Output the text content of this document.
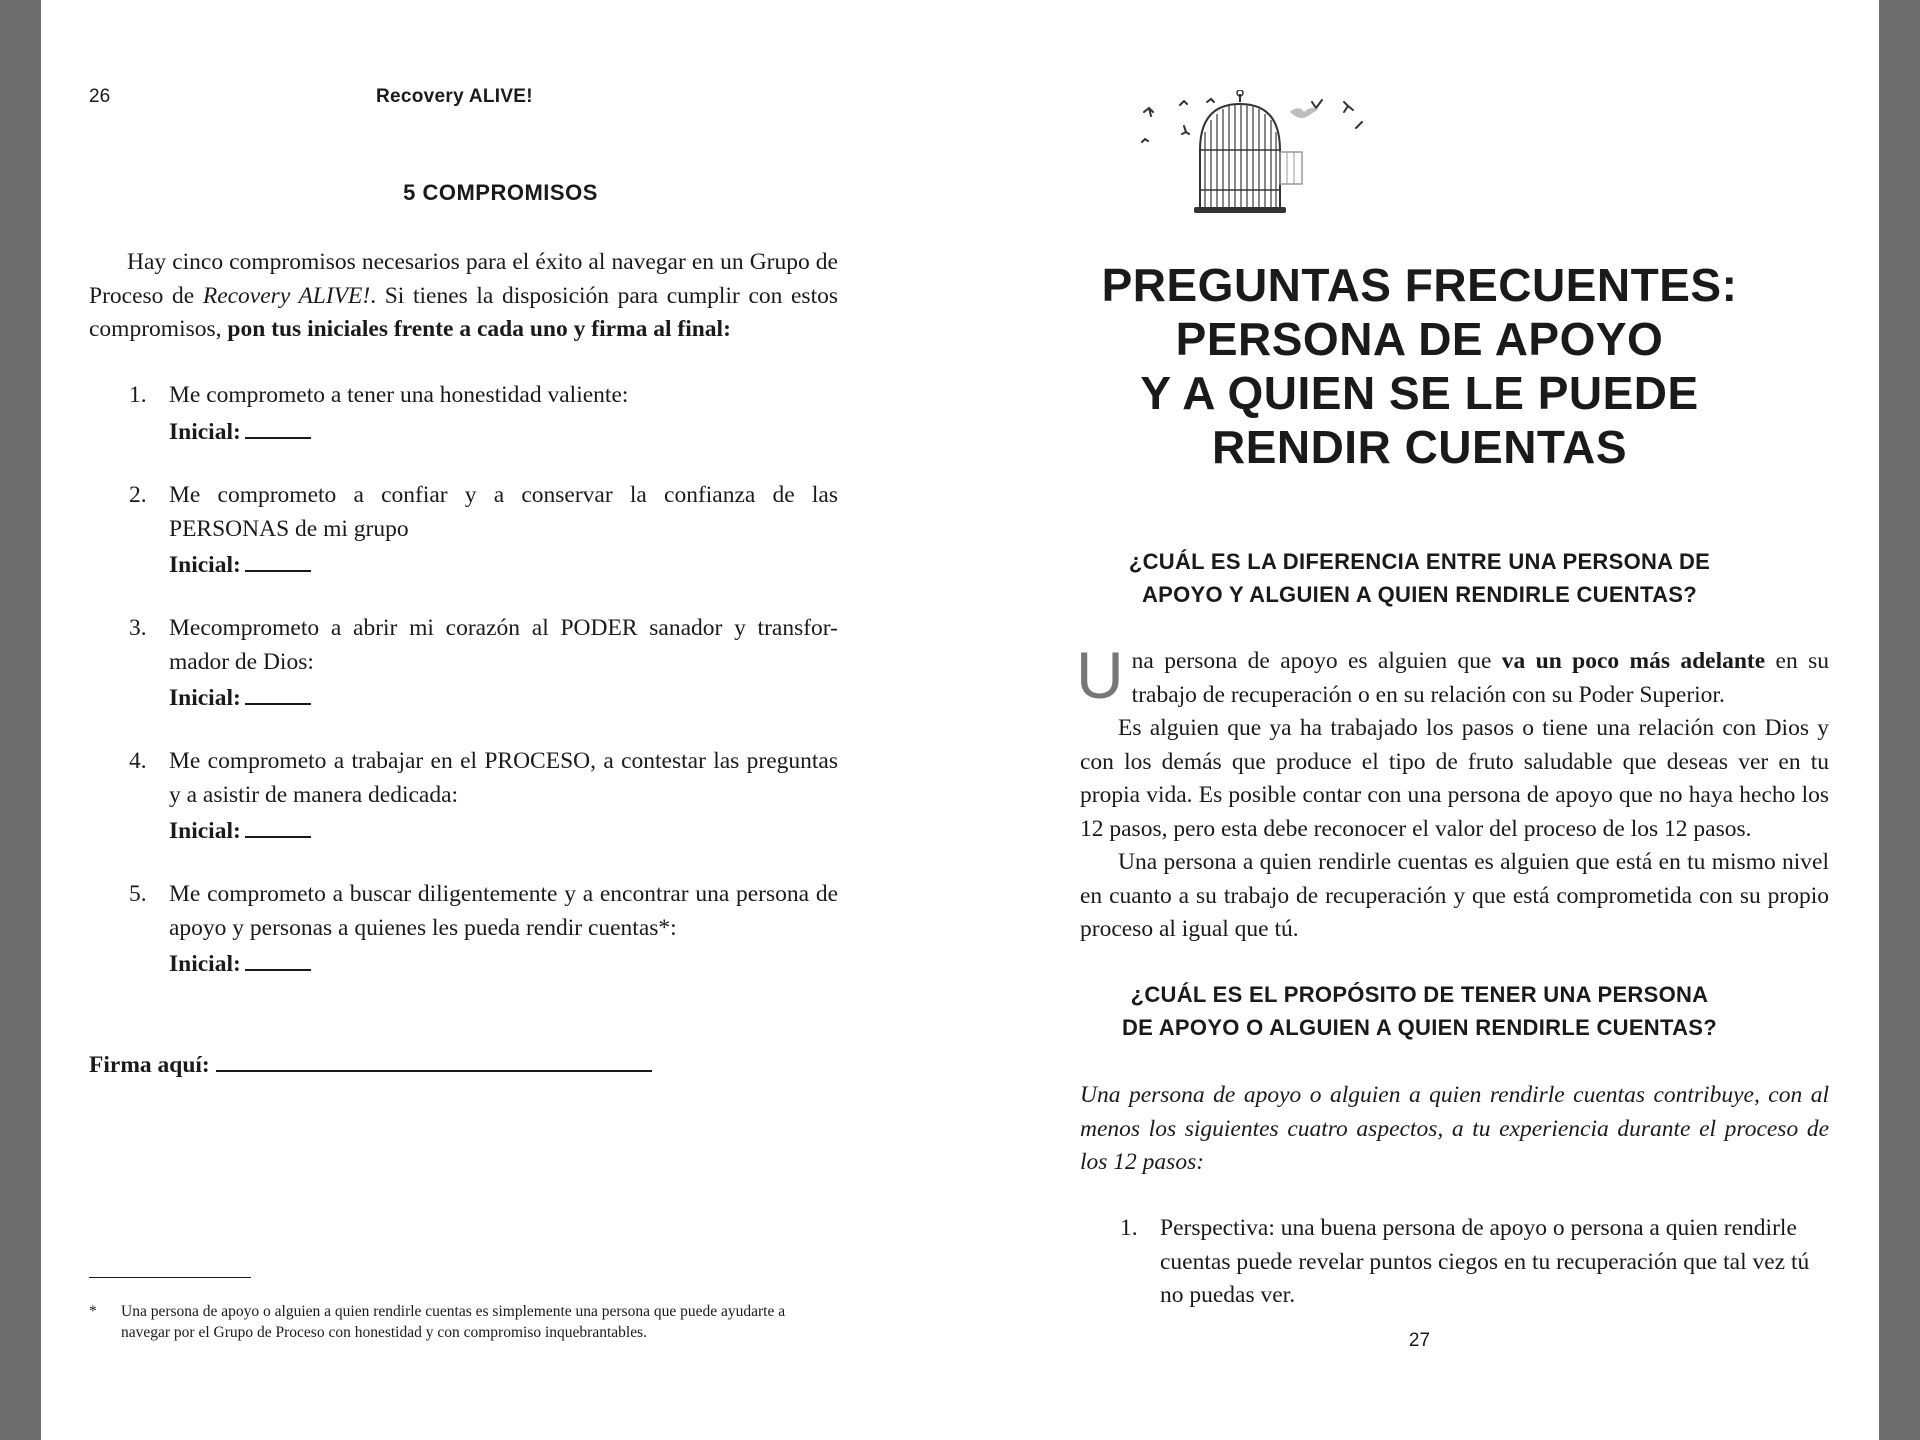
26	Recovery ALIVE!
5 COMPROMISOS

Hay cinco compromisos necesarios para el éxito al navegar en un Grupo de Proceso de Recovery ALIVE!. Si tienes la disposición para cumplir con estos compromisos, pon tus iniciales frente a cada uno y firma al final:

1. Me comprometo a tener una honestidad valiente:
Inicial:
2. Me comprometo a confiar y a conservar la confianza de las PERSONAS de mi grupo
Inicial:
3. Mecomprometo a abrir mi corazón al PODER sanador y transfor-mador de Dios:
Inicial:
4. Me comprometo a trabajar en el PROCESO, a contestar las preguntas y a asistir de manera dedicada:
Inicial:
5. Me comprometo a buscar diligentemente y a encontrar una persona de apoyo y personas a quienes les pueda rendir cuentas*:
Inicial:
Firma aquí:
* Una persona de apoyo o alguien a quien rendirle cuentas es simplemente una persona que puede ayudarte a navegar por el Grupo de Proceso con honestidad y con compromiso inquebrantables.
PREGUNTAS FRECUENTES:
PERSONA DE APOYO
Y A QUIEN SE LE PUEDE
RENDIR CUENTAS
¿CUÁL ES LA DIFERENCIA ENTRE UNA PERSONA DE
APOYO Y ALGUIEN A QUIEN RENDIRLE CUENTAS?

Una persona de apoyo es alguien que va un poco más adelante en su trabajo de recuperación o en su relación con su Poder Superior.

Es alguien que ya ha trabajado los pasos o tiene una relación con Dios y con los demás que produce el tipo de fruto saludable que deseas ver en tu propia vida. Es posible contar con una persona de apoyo que no haya hecho los 12 pasos, pero esta debe reconocer el valor del proceso de los 12 pasos.

Una persona a quien rendirle cuentas es alguien que está en tu mismo nivel en cuanto a su trabajo de recuperación y que está comprometida con su propio proceso al igual que tú.

¿CUÁL ES EL PROPÓSITO DE TENER UNA PERSONA
DE APOYO O ALGUIEN A QUIEN RENDIRLE CUENTAS?

Una persona de apoyo o alguien a quien rendirle cuentas contribuye, con al menos los siguientes cuatro aspectos, a tu experiencia durante el proceso de los 12 pasos:

1. Perspectiva: una buena persona de apoyo o persona a quien rendirle cuentas puede revelar puntos ciegos en tu recuperación que tal vez tú no puedas ver.
27
